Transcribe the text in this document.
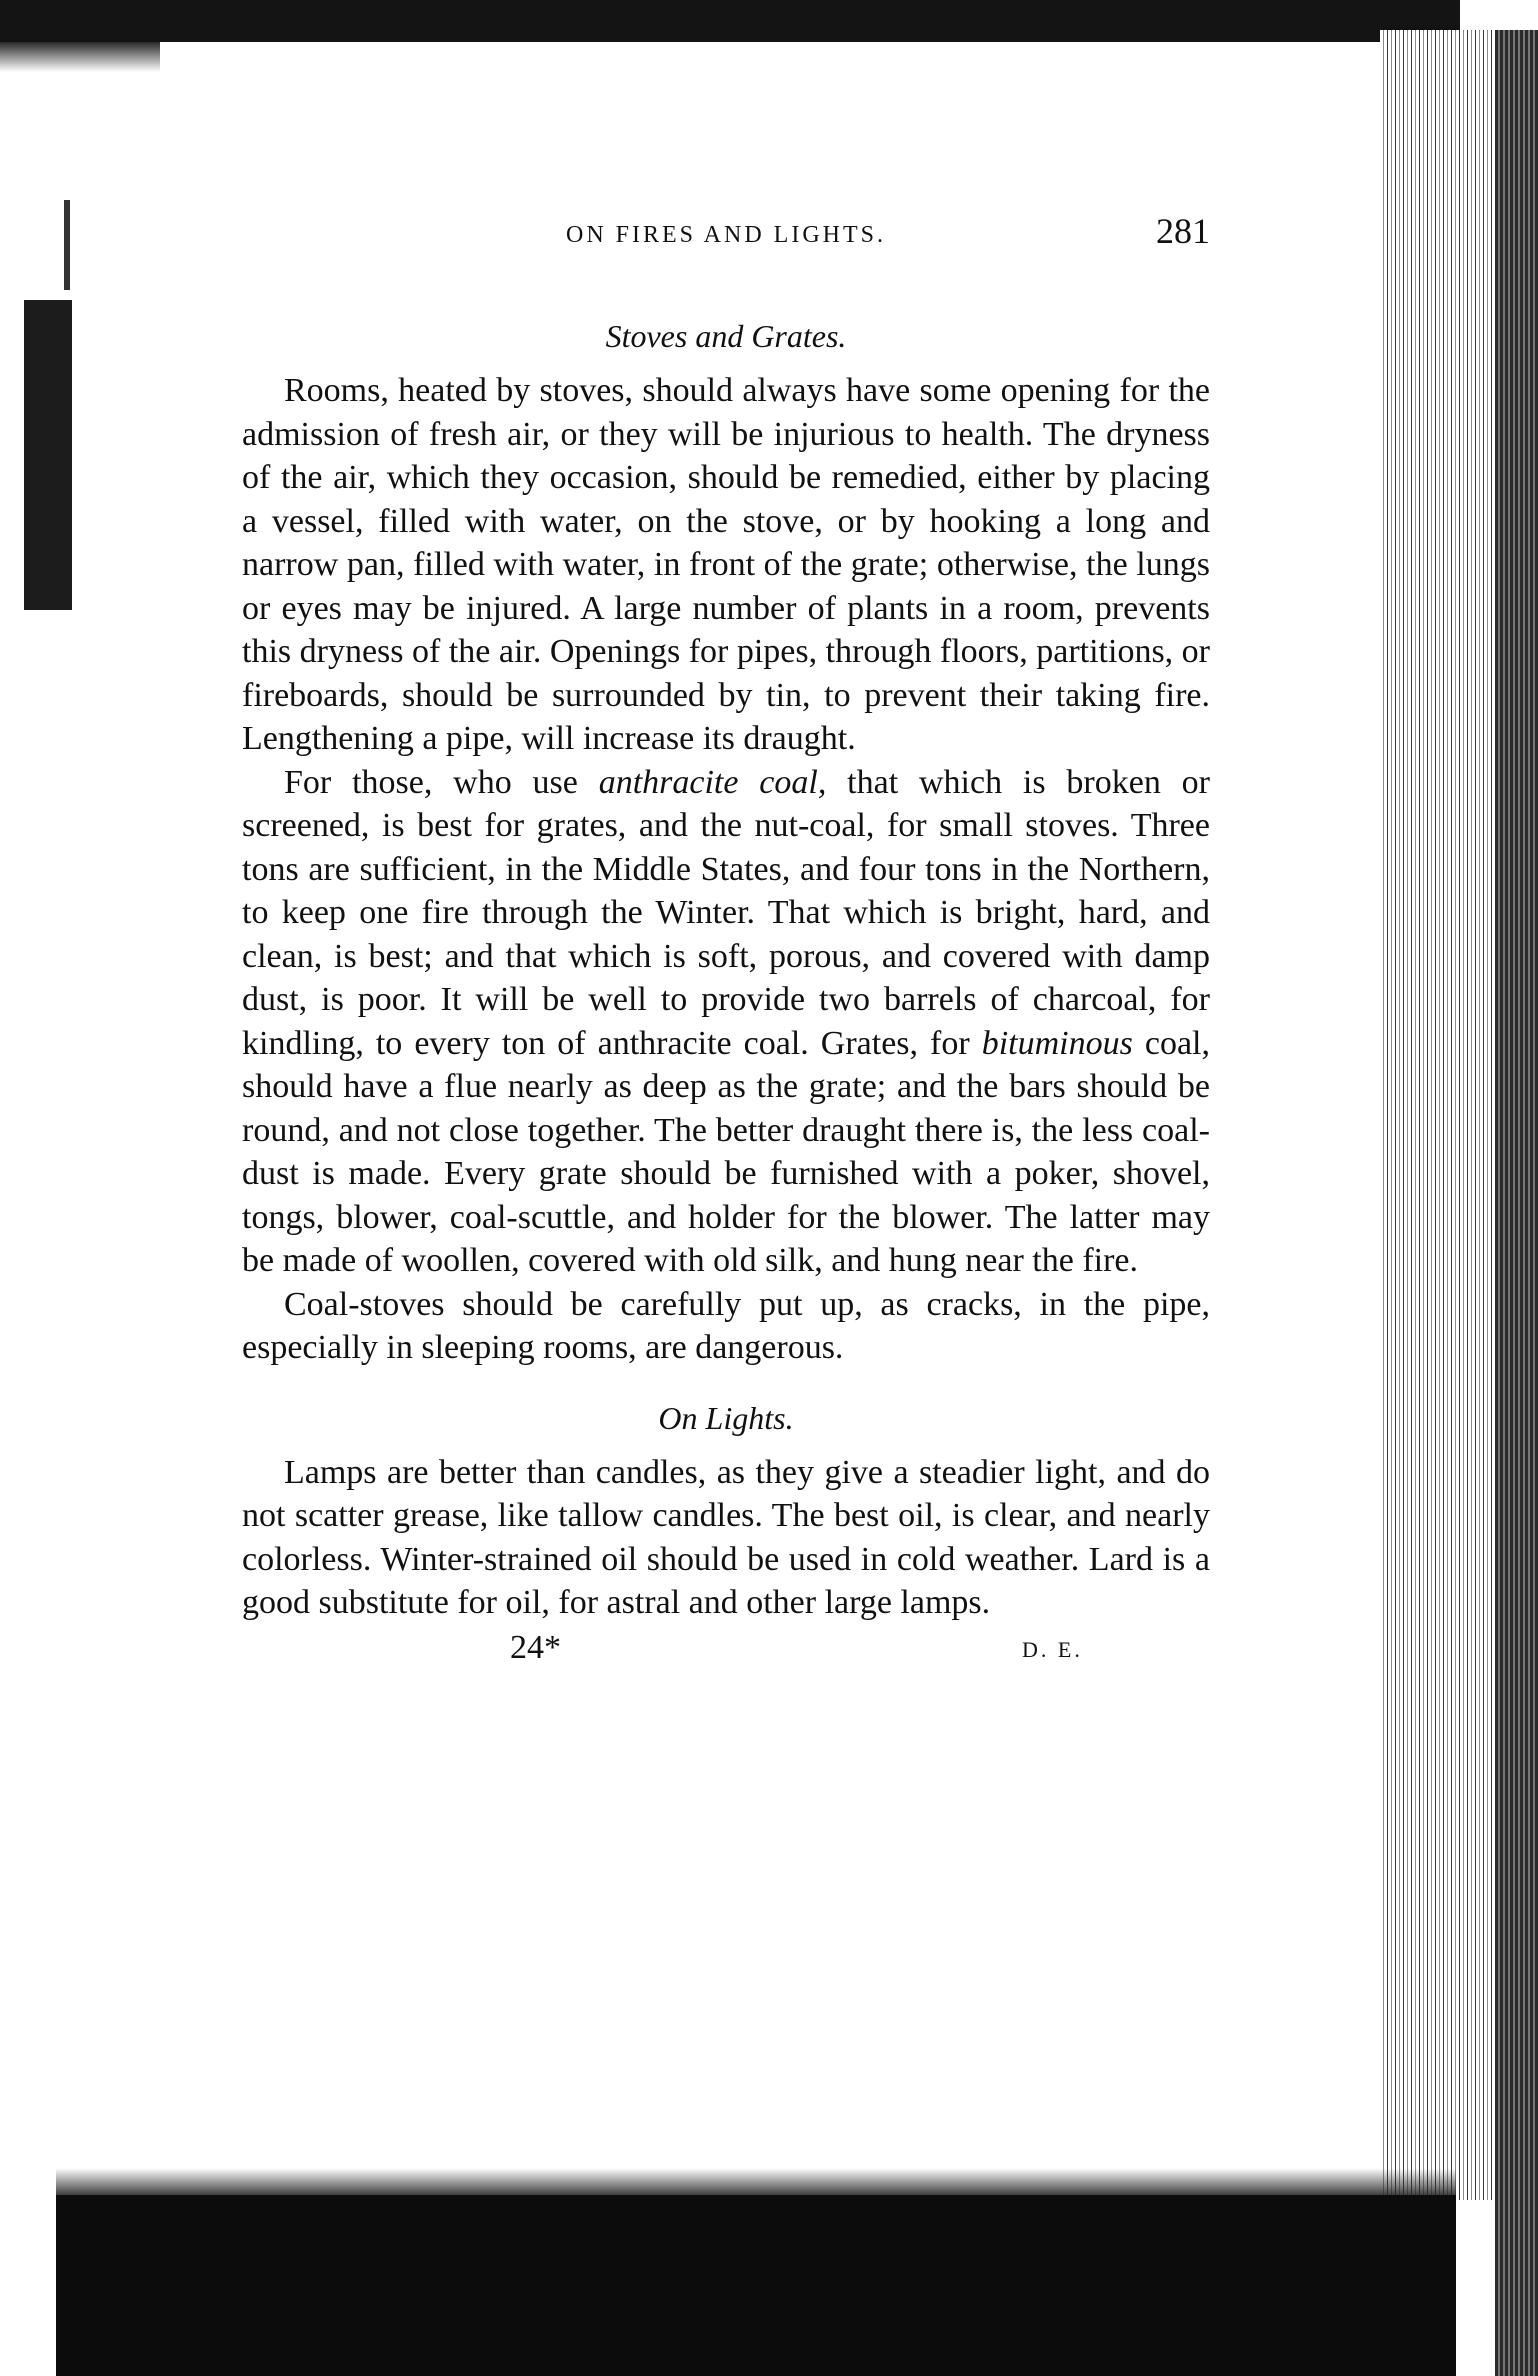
ON FIRES AND LIGHTS.	281
Stoves and Grates.

Rooms, heated by stoves, should always have some opening for the admission of fresh air, or they will be injurious to health. The dryness of the air, which they occasion, should be remedied, either by placing a vessel, filled with water, on the stove, or by hooking a long and narrow pan, filled with water, in front of the grate; otherwise, the lungs or eyes may be injured. A large number of plants in a room, prevents this dryness of the air. Openings for pipes, through floors, partitions, or fireboards, should be surrounded by tin, to prevent their taking fire. Lengthening a pipe, will increase its draught.

For those, who use anthracite coal, that which is broken or screened, is best for grates, and the nut-coal, for small stoves. Three tons are sufficient, in the Middle States, and four tons in the Northern, to keep one fire through the Winter. That which is bright, hard, and clean, is best; and that which is soft, porous, and covered with damp dust, is poor. It will be well to provide two barrels of charcoal, for kindling, to every ton of anthracite coal. Grates, for bituminous coal, should have a flue nearly as deep as the grate; and the bars should be round, and not close together. The better draught there is, the less coal-dust is made. Every grate should be furnished with a poker, shovel, tongs, blower, coal-scuttle, and holder for the blower. The latter may be made of woollen, covered with old silk, and hung near the fire.

Coal-stoves should be carefully put up, as cracks, in the pipe, especially in sleeping rooms, are dangerous.

On Lights.

Lamps are better than candles, as they give a steadier light, and do not scatter grease, like tallow candles. The best oil, is clear, and nearly colorless. Winter-strained oil should be used in cold weather. Lard is a good substitute for oil, for astral and other large lamps.

24*	D. E.
